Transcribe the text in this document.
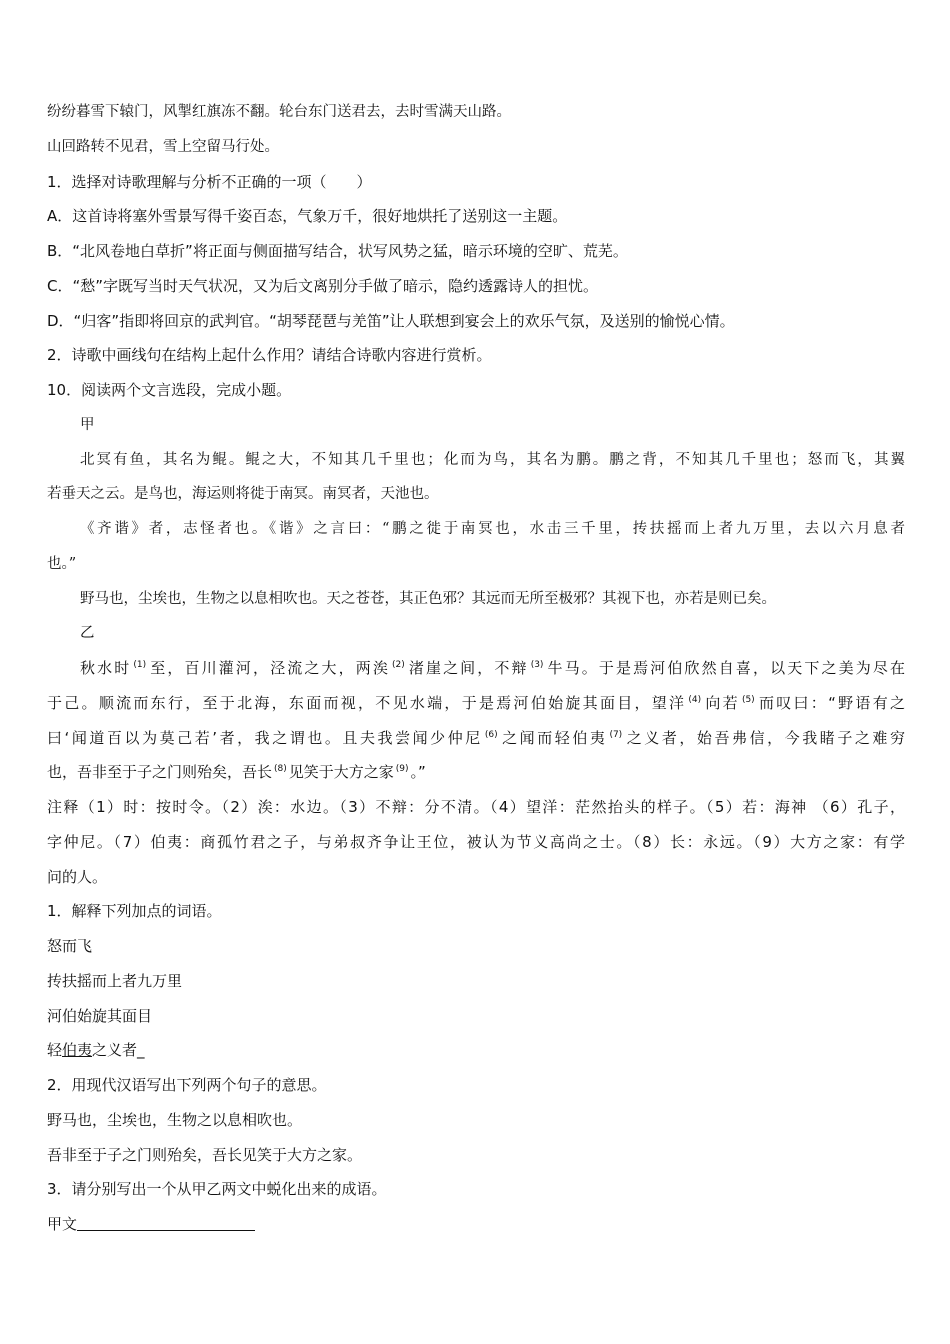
纷纷暮雪下辕门，风掣红旗冻不翻。轮台东门送君去，去时雪满天山路。
山回路转不见君，雪上空留马行处。
1．选择对诗歌理解与分析不正确的一项（　　）
A．这首诗将塞外雪景写得千姿百态，气象万千，很好地烘托了送别这一主题。
B．“北风卷地白草折”将正面与侧面描写结合，状写风势之猛，暗示环境的空旷、荒芜。
C．“愁”字既写当时天气状况，又为后文离别分手做了暗示，隐约透露诗人的担忧。
D．“归客”指即将回京的武判官。“胡琴琵琶与羌笛”让人联想到宴会上的欢乐气氛，及送别的愉悦心情。
2．诗歌中画线句在结构上起什么作用？请结合诗歌内容进行赏析。
10．阅读两个文言选段，完成小题。
甲
北冥有鱼，其名为鲲。鲲之大，不知其几千里也；化而为鸟，其名为鹏。鹏之背，不知其几千里也；怒而飞，其翼
若垂天之云。是鸟也，海运则将徙于南冥。南冥者，天池也。
《齐谐》者，志怪者也。《谐》之言曰：“鹏之徙于南冥也，水击三千里，抟扶摇而上者九万里，去以六月息者
也。”
野马也，尘埃也，生物之以息相吹也。天之苍苍，其正色邪？其远而无所至极邪？其视下也，亦若是则已矣。
乙
秋水时 $^{(1)}$ 至，百川灌河，泾流之大，两涘 $^{(2)}$ 渚崖之间，不辩 $^{(3)}$ 牛马。于是焉河伯欣然自喜，以天下之美为尽在
于己。顺流而东行，至于北海，东面而视，不见水端，于是焉河伯始旋其面目，望洋 $^{(4)}$ 向若 $^{(5)}$ 而叹曰：“野语有之
曰‘闻道百以为莫己若’者，我之谓也。且夫我尝闻少仲尼 $^{(6)}$ 之闻而轻伯夷 $^{(7)}$ 之义者，始吾弗信，今我睹子之难穷
也，吾非至于子之门则殆矣，吾长 $^{(8)}$ 见笑于大方之家 $^{(9)}$ 。”
注释（1）时：按时令。（2）涘：水边。（3）不辩：分不清。（4）望洋：茫然抬头的样子。（5）若：海神 （6）孔子，
字仲尼。（7）伯夷：商孤竹君之子，与弟叔齐争让王位，被认为节义高尚之士。（8）长：永远。（9）大方之家：有学
问的人。
1．解释下列加点的词语。
怒而飞
抟扶摇而上者九万里
河伯始旋其面目
轻伯夷之义者_
2．用现代汉语写出下列两个句子的意思。
野马也，尘埃也，生物之以息相吹也。
吾非至于子之门则殆矣，吾长见笑于大方之家。
3．请分别写出一个从甲乙两文中蜕化出来的成语。
甲文
